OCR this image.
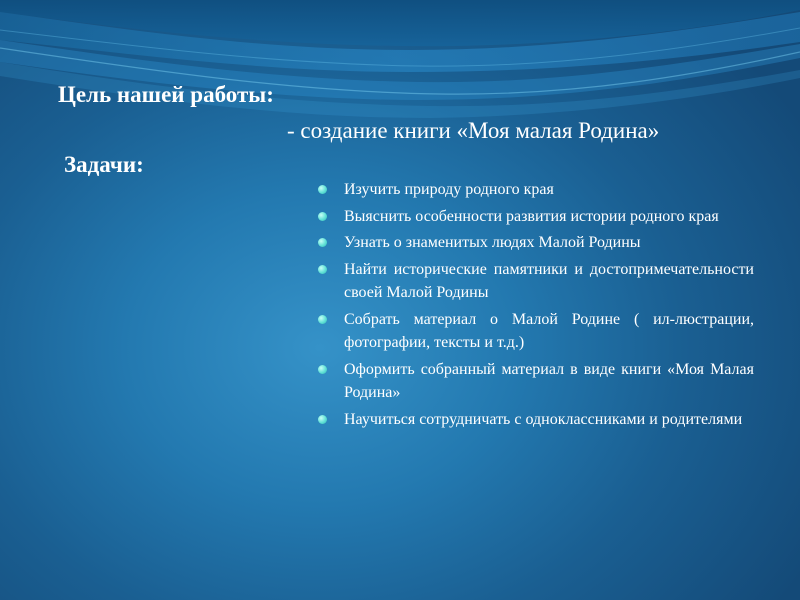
Цель нашей работы:
- создание книги «Моя малая Родина»
Задачи:
Изучить природу родного края
Выяснить особенности развития истории родного края
Узнать о знаменитых людях Малой Родины
Найти исторические памятники и достопримечательности своей Малой Родины
Собрать материал о Малой Родине ( ил-люстрации, фотографии, тексты и т.д.)
Оформить собранный материал в виде книги «Моя Малая Родина»
Научиться сотрудничать с одноклассниками и родителями
